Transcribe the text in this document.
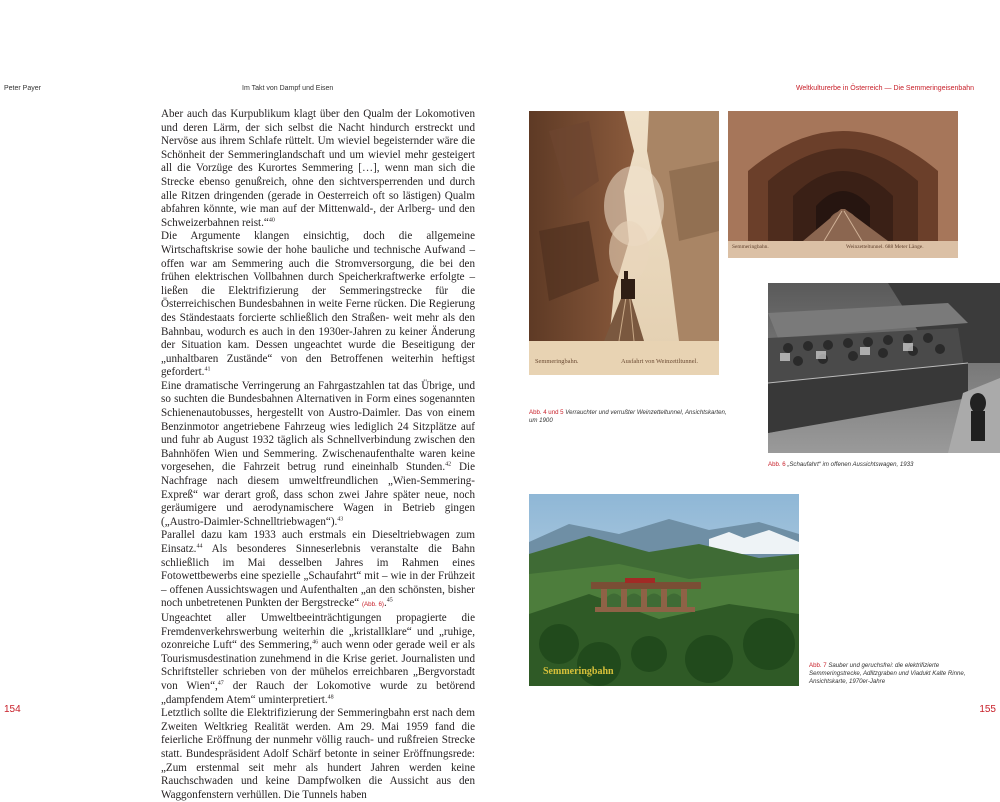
Peter Payer	Im Takt von Dampf und Eisen	Weltkulturerbe in Österreich — Die Semmeringeisenbahn

Aber auch das Kurpublikum klagt über den Qualm der Lokomotiven und deren Lärm, der sich selbst die Nacht hindurch erstreckt und Nervöse aus ihrem Schlafe rüttelt. Um wieviel begeisternder wäre die Schönheit der Semmeringlandschaft und um wieviel mehr gesteigert all die Vorzüge des Kurortes Semmering […], wenn man sich die Strecke ebenso genußreich, ohne den sichtversperrenden und durch alle Ritzen dringenden (gerade in Oesterreich oft so lästigen) Qualm abfahren könnte, wie man auf der Mittenwald-, der Arlberg- und den Schweizerbahnen reist.“$^{40}$

Die Argumente klangen einsichtig, doch die allgemeine Wirtschaftskrise sowie der hohe bauliche und technische Aufwand – offen war am Semmering auch die Stromversorgung, die bei den frühen elektrischen Vollbahnen durch Speicherkraftwerke erfolgte – ließen die Elektrifizierung der Semmeringstrecke für die Österreichischen Bundesbahnen in weite Ferne rücken. Die Regierung des Ständestaats forcierte schließlich den Straßen- weit mehr als den Bahnbau, wodurch es auch in den 1930er-Jahren zu keiner Änderung der Situation kam. Dessen ungeachtet wurde die Beseitigung der „unhaltbaren Zustände“ von den Betroffenen weiterhin heftigst gefordert.$^{41}$

Eine dramatische Verringerung an Fahrgastzahlen tat das Übrige, und so suchten die Bundesbahnen Alternativen in Form eines sogenannten Schienenautobusses, hergestellt von Austro-Daimler. Das von einem Benzinmotor angetriebene Fahrzeug wies lediglich 24 Sitzplätze auf und fuhr ab August 1932 täglich als Schnellverbindung zwischen den Bahnhöfen Wien und Semmering. Zwischenaufenthalte waren keine vorgesehen, die Fahrzeit betrug rund eineinhalb Stunden.$^{42}$ Die Nachfrage nach diesem umweltfreundlichen „Wien-Semmering-Expreß“ war derart groß, dass schon zwei Jahre später neue, noch geräumigere und aerodynamischere Wagen in Betrieb gingen („Austro-Daimler-Schnelltriebwagen“).$^{43}$

Parallel dazu kam 1933 auch erstmals ein Dieseltriebwagen zum Einsatz.$^{44}$ Als besonderes Sinneserlebnis veranstalte die Bahn schließlich im Mai desselben Jahres im Rahmen eines Fotowettbewerbs eine spezielle „Schaufahrt“ mit – wie in der Frühzeit – offenen Aussichtswagen und Aufenthalten „an den schönsten, bisher noch unbetretenen Punkten der Bergstrecke“ (Abb. 6).$^{45}$

Ungeachtet aller Umweltbeeinträchtigungen propagierte die Fremdenverkehrswerbung weiterhin die „kristallklare“ und „ruhige, ozonreiche Luft“ des Semmering,$^{46}$ auch wenn oder gerade weil er als Tourismusdestination zunehmend in die Krise geriet. Journalisten und Schriftsteller schrieben von der mühelos erreichbaren „Bergvorstadt von Wien“,$^{47}$ der Rauch der Lokomotive wurde zu betörend „dampfendem Atem“ uminterpretiert.$^{48}$

Letztlich sollte die Elektrifizierung der Semmeringbahn erst nach dem Zweiten Weltkrieg Realität werden. Am 29. Mai 1959 fand die feierliche Eröffnung der nunmehr völlig rauch- und rußfreien Strecke statt. Bundespräsident Adolf Schärf betonte in seiner Eröffnungsrede: „Zum erstenmal seit mehr als hundert Jahren werden keine Rauchschwaden und keine Dampfwolken die Aussicht aus den Waggonfenstern verhüllen. Die Tunnels haben

Semmeringbahn.	Ausfahrt von Weinzettltunnel.
Semmeringbahn.	Weinzetteltunnel. 688 Meter Länge.
Abb. 4 und 5 Verrauchter und verrußter Weinzetteltunnel, Ansichtskarten, um 1900
Abb. 6 „Schaufahrt“ im offenen Aussichtswagen, 1933
Semmeringbahn
Abb. 7 Sauber und geruchsfrei: die elektrifizierte Semmeringstrecke, Adlitzgraben und Viadukt Kalte Rinne, Ansichtskarte, 1970er-Jahre
154	155
